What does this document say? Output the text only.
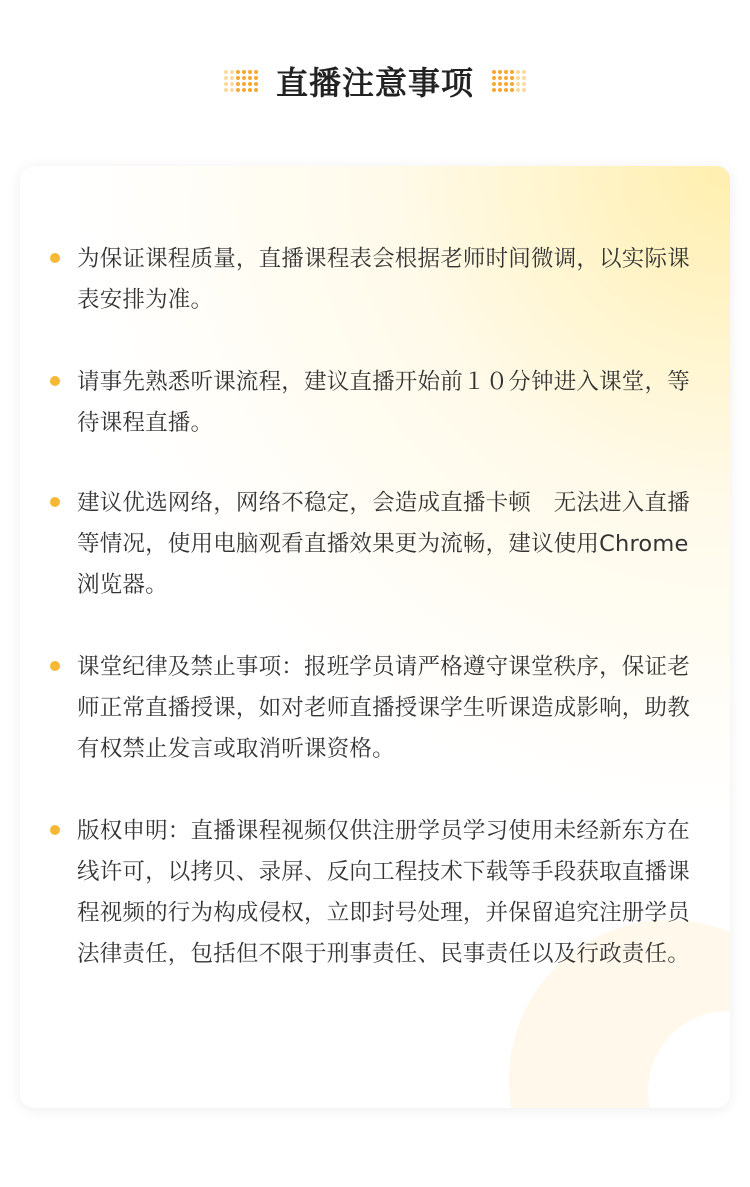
直播注意事项
为保证课程质量，直播课程表会根据老师时间微调，以实际课表安排为准。
请事先熟悉听课流程，建议直播开始前１０分钟进入课堂，等待课程直播。
建议优选网络，网络不稳定，会造成直播卡顿　无法进入直播等情况，使用电脑观看直播效果更为流畅，建议使用Chrome 浏览器。
课堂纪律及禁止事项：报班学员请严格遵守课堂秩序，保证老师正常直播授课，如对老师直播授课学生听课造成影响，助教有权禁止发言或取消听课资格。
版权申明：直播课程视频仅供注册学员学习使用未经新东方在线许可，以拷贝、录屏、反向工程技术下载等手段获取直播课程视频的行为构成侵权，立即封号处理，并保留追究注册学员法律责任，包括但不限于刑事责任、民事责任以及行政责任。
